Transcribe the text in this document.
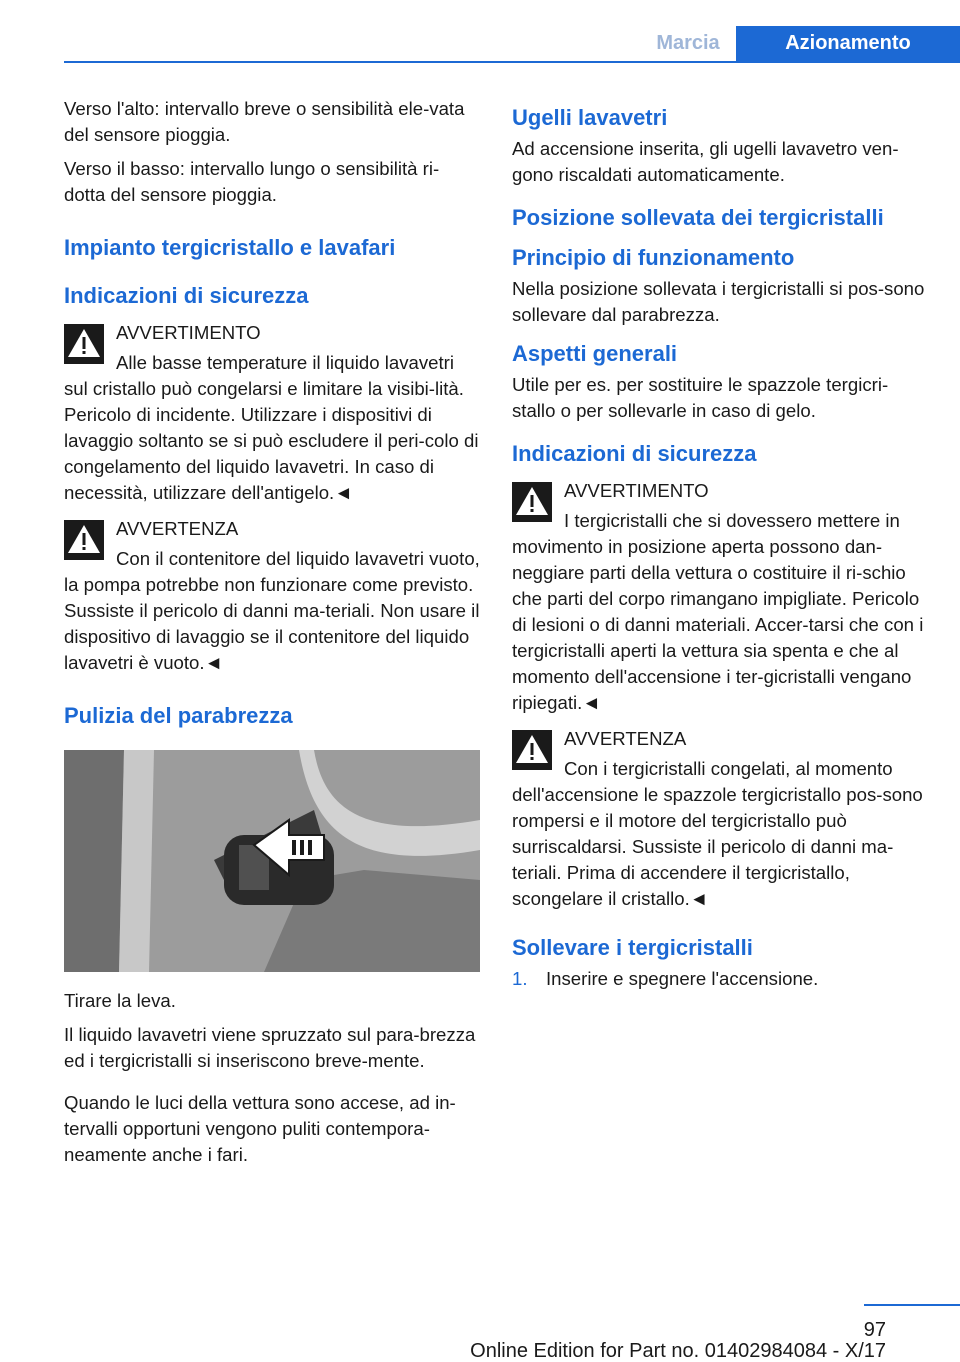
Marcia	Azionamento

Verso l'alto: intervallo breve o sensibilità ele-vata del sensore pioggia.

Verso il basso: intervallo lungo o sensibilità ri-dotta del sensore pioggia.

Impianto tergicristallo e lavafari
Indicazioni di sicurezza
AVVERTIMENTO
Alle basse temperature il liquido lavavetri sul cristallo può congelarsi e limitare la visibi-lità. Pericolo di incidente. Utilizzare i dispositivi di lavaggio soltanto se si può escludere il peri-colo di congelamento del liquido lavavetri. In caso di necessità, utilizzare dell'antigelo.◄
AVVERTENZA
Con il contenitore del liquido lavavetri vuoto, la pompa potrebbe non funzionare come previsto. Sussiste il pericolo di danni ma-teriali. Non usare il dispositivo di lavaggio se il contenitore del liquido lavavetri è vuoto.◄
Pulizia del parabrezza

Tirare la leva.

Il liquido lavavetri viene spruzzato sul para-brezza ed i tergicristalli si inseriscono breve-mente.

Quando le luci della vettura sono accese, ad in-tervalli opportuni vengono puliti contempora-neamente anche i fari.

Ugelli lavavetri

Ad accensione inserita, gli ugelli lavavetro ven-gono riscaldati automaticamente.

Posizione sollevata dei tergicristalli
Principio di funzionamento

Nella posizione sollevata i tergicristalli si pos-sono sollevare dal parabrezza.

Aspetti generali

Utile per es. per sostituire le spazzole tergicri-stallo o per sollevarle in caso di gelo.

Indicazioni di sicurezza
AVVERTIMENTO
I tergicristalli che si dovessero mettere in movimento in posizione aperta possono dan-neggiare parti della vettura o costituire il ri-schio che parti del corpo rimangano impigliate. Pericolo di lesioni o di danni materiali. Accer-tarsi che con i tergicristalli aperti la vettura sia spenta e che al momento dell'accensione i ter-gicristalli vengano ripiegati.◄
AVVERTENZA
Con i tergicristalli congelati, al momento dell'accensione le spazzole tergicristallo pos-sono rompersi e il motore del tergicristallo può surriscaldarsi. Sussiste il pericolo di danni ma-teriali. Prima di accendere il tergicristallo, scongelare il cristallo.◄
Sollevare i tergicristalli
1. Inserire e spegnere l'accensione.
97
Online Edition for Part no. 01402984084 - X/17
